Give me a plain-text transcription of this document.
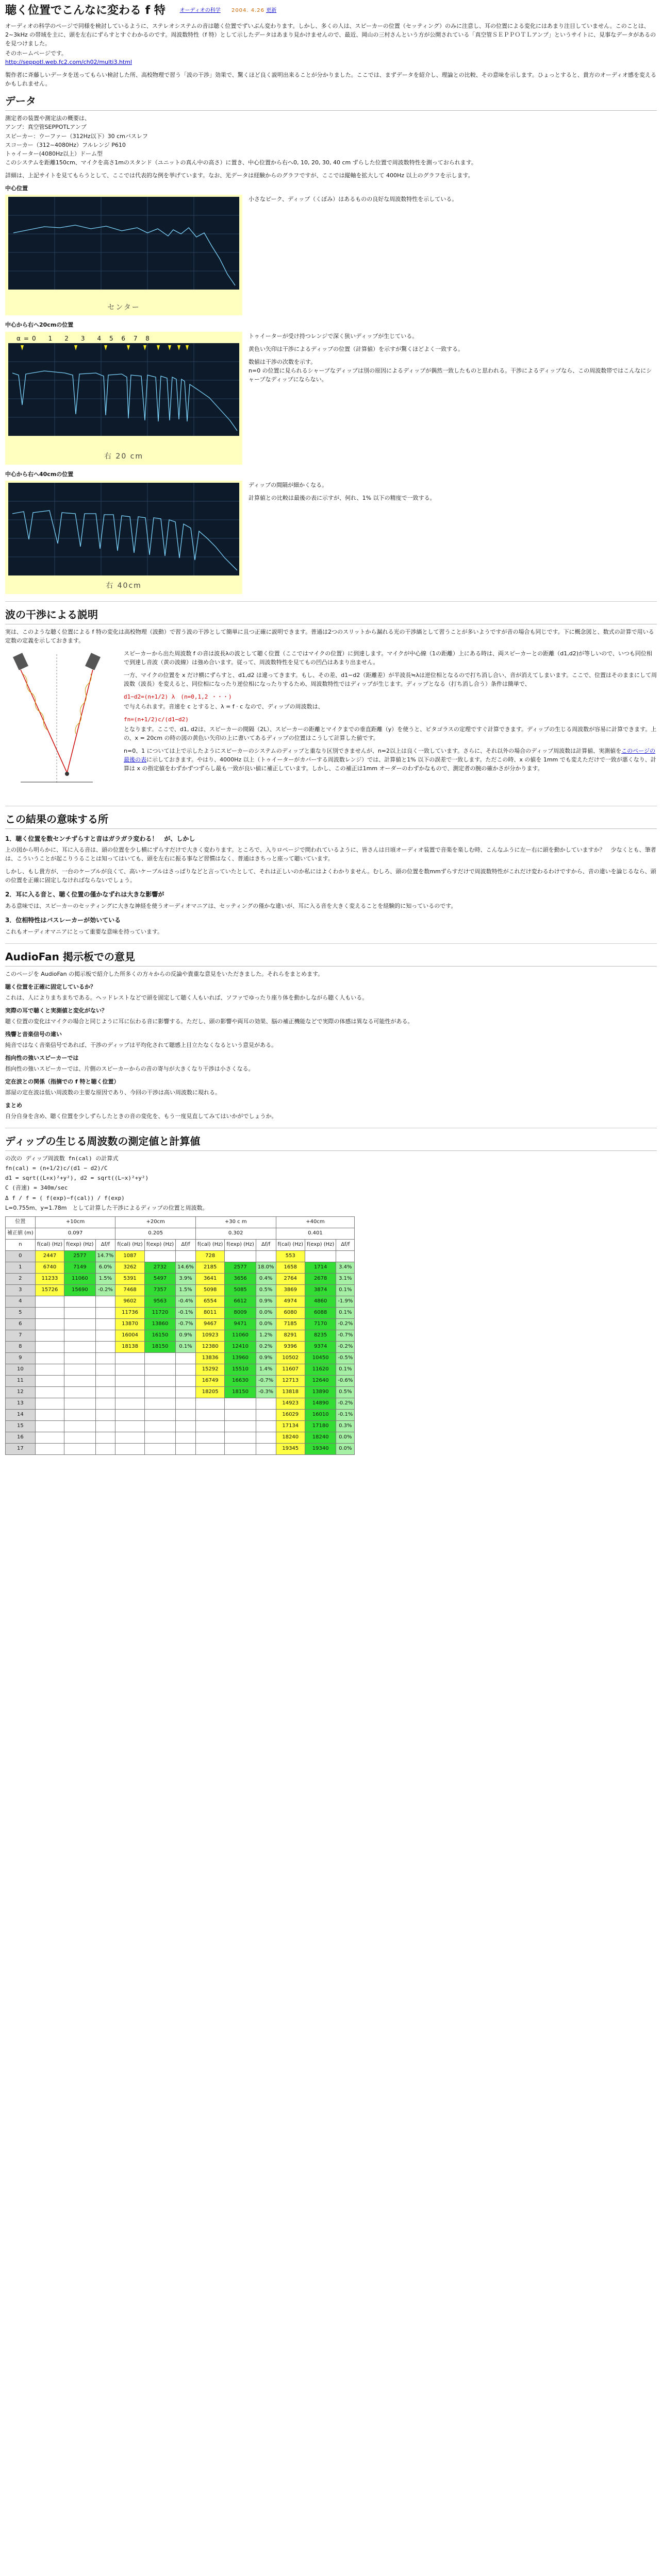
聴く位置でこんなに変わる f 特	オーディオの科学 2004. 4.26 更新

オーディオの科学のページで同様を検討しているように、ステレオシステムの音は聴く位置でずいぶん変わります。しかし、多くの人は、スピーカーの位置（セッティング）のみに注意し、耳の位置による変化にはあまり注目していません。このことは、2~3kHz の帯域を主に、頭を左右にずらすとすぐわかるのです。周波数特性（f 特）として示したデータはあまり見かけませんので、最近、岡山の三村さんという方が公開されている「真空管ＳＥＰＰＯＴＬアンプ」というサイトに、見事なデータがあるのを見つけました。

そのホームページです。
http://seppotl.web.fc2.com/ch02/multi3.html

製作者に斉藤しいデータを送ってもらい検討した所、高校物理で習う「波の干渉」効果で、驚くほど良く説明出来ることが分かりました。ここでは、まずデータを紹介し、理論との比較、その意味を示します。ひょっとすると、貴方のオーディオ感を変えるかもしれません。

データ

測定者の装置や測定法の概要は、
アンプ：真空管SEPPOTLアンプ
スピーカー：ウーファー（312Hz以下）30 cmバスレフ
スコーカー（312~4080Hz）フルレンジ P610
トゥイーター(4080Hz以上）ドーム型
このシステムを距離150cm、マイクを高さ1mのスタンド（ユニットの真ん中の高さ）に置き、中心位置から右へ0, 10, 20, 30, 40 cm ずらした位置で周波数特性を測っておられます。

詳細は、上記サイトを見てもらうとして、ここでは代表的な例を挙げています。なお、光データは経験からのグラフですが、ここでは縦軸を拡大して 400Hz 以上のグラフを示します。

中心位置
センター
小さなピーク、ディップ（くぼみ）はあるものの良好な周波数特性を示している。
中心から右へ20cmの位置
α=0　1　2　3　4 5 6 7 8
右 20 cm

トゥイーターが受け持つレンジで深く狭いディップが生じている。

黄色い矢印は干渉によるディップの位置（計算値）を示すが驚くほどよく一致する。

数値は干渉の次数を示す。

n=0 の位置に見られるシャープなディップは別の原因によるディップが偶然一致したものと思われる。干渉によるディップなら、この周波数帯ではこんなにシャープなディップにならない。

中心から右へ40cmの位置
右 40cm

ディップの間隔が細かくなる。

計算値との比較は最後の表に示すが、何れ、1% 以下の精度で一致する。

波の干渉による説明

実は、このような聴く位置による f 特の変化は高校物理（波動）で習う波の干渉として簡単に且つ正確に説明できます。普通は2つのスリットから漏れる光の干渉縞として習うことが多いようですが音の場合も同じです。下に概念図と、数式の計算で用いる定数の定義を示しておきます。

スピーカーから出た周波数 f の音は波長λの波として聴く位置（ここではマイクの位置）に到達します。マイクが中心線（1の距離）上にある時は、両スピーカーとの距離（d1,d2)が等しいので、いつも同位相で到達し音波（黄の波線）は強め合います。従って、周波数特性を見てもの凹凸はあまり出ません。

一方、マイクの位置を x だけ横にずらすと、d1,d2 は違ってきます。もし、その差、d1−d2（距離差）が半波長≒λは逆位相となるので打ち消し合い、音が消えてしまいます。ここで、位置はそのままにして周波数（波長）を変えると、同位相になったり逆位相になったりするため、周波数特性ではディップが生じます。ディップとなる（打ち消し合う）条件は簡単で、

d1−d2=(n+1/2) λ　(n=0,1,2 ・・・)

で与えられます。音速を c とすると、λ = f · c なので、ディップの周波数は、

fn=(n+1/2)c/(d1−d2)

となります。ここで、d1, d2は、スピーカーの間隔（2L）、スピーカーの距離とマイクまでの垂直距離（y）を使うと、ピタゴラスの定理ですぐ計算できます。ディップの生じる周波数が容易に計算できます。上の、x = 20cm の時の図の黄色い矢印の上に書いてあるディップの位置はこうして計算した値です。

n=0、1 については上で示したようにスピーカーのシステムのディップと重なり区別できませんが、n=2以上は良く一致しています。さらに、それ以外の場合のディップ周波数は計算値、実測値をこのページの最後の表に示しておきます。やはり、4000Hz 以上（トゥイーターがカバーする周波数レンジ）では、計算値と1% 以下の誤差で一致します。ただこの時、x の値を 1mm でも変えただけで一致が悪くなり、計算は x の指定値をわずかずつずらし最も一致が良い値に補正しています。しかし、この補正は1mm オーダーのわずかなもので、測定者の腕の確かさが分かります。

この結果の意味する所
1．聴く位置を数センチずらすと音はガラガラ変わる！　が、しかし

上の図から明らかに、耳に入る音は、頭の位置を少し横にずらすだけで大きく変わります。ところで、入りロページで問われているように、皆さんは日頃オーディオ装置で音楽を楽しむ時、こんなふうに左ー右に頭を動かしていますか？　少なくとも、筆者は、こういうことが起こりうることは知ってはいても、頭を左右に振る事など習慣はなく、普通はきちっと座って聴いています。

しかし、もし貴方が、一台のケーブルが良くて、高いケーブルはさっぱりなどと言っていたとして、それは正しいのか私にはよくわかりません。むしろ、頭の位置を数mmずらすだけで周波数特性がこれだけ変わるわけですから、音の違いを論じるなら、頭の位置を正確に固定しなければならないでしょう。

2．耳に入る音と、聴く位置の僅かなずれは大きな影響が

ある意味では、スピーカーのセッティングに大きな神経を使うオーディオマニアは、セッティングの僅かな違いが、耳に入る音を大きく変えることを経験的に知っているのです。

3．位相特性はバスレーカーが効いている

これもオーディオマニアにとって重要な意味を持っています。

AudioFan 掲示板での意見

このページを AudioFan の掲示板で紹介した所多くの方々からの反論や貴重な意見をいただきました。それらをまとめます。

聴く位置を正確に固定しているか？

これは、人によりまちまちである。ヘッドレストなどで頭を固定して聴く人もいれば、ソファでゆったり座り体を動かしながら聴く人もいる。

実際の耳で聴くと実測値と変化がない？

聴く位置の変化はマイクの場合と同じように耳に伝わる音に影響する。ただし、頭の影響や両耳の効果、脳の補正機能などで実際の体感は異なる可能性がある。

残響と音楽信号の違い

純音ではなく音楽信号であれば、干渉のディップは平均化されて聴感上目立たなくなるという意見がある。

指向性の強いスピーカーでは

指向性の強いスピーカーでは、片側のスピーカーからの音の寄与が大きくなり干渉は小さくなる。

定在波との関係（指摘での f 特と聴く位置）

部屋の定在波は低い周波数の主要な原因であり、今回の干渉は高い周波数に現れる。

まとめ

自分自身を含め、聴く位置を少しずらしたときの音の変化を、もう一度見直してみてはいかがでしょうか。

ディップの生じる周波数の測定値と計算値

の次の ディップ周波数 fn(cal) の計算式

fn(cal) = (n+1/2)c/(d1 − d2)/C

d1 = sqrt((L+x)²+y²), d2 = sqrt((L−x)²+y²)

C (音速) = 340m/sec

Δ f / f = ( f(exp)−f(cal)) / f(exp)

L=0.755m、y=1.78m　として計算した干渉によるディップの位置と周波数。

位置	+10cm			+20cm			+30 c m			+40cm		
補正値 (m)	0.097			0.205			0.302			0.401		
n	f(cal) (Hz)	f(exp) (Hz)	Δf/f	f(cal) (Hz)	f(exp) (Hz)	Δf/f	f(cal) (Hz)	f(exp) (Hz)	Δf/f	f(cal) (Hz)	f(exp) (Hz)	Δf/f
0	2447	2577	14.7%	1087			728			553		
1	6740	7149	6.0%	3262	2732	14.6%	2185	2577	18.0%	1658	1714	3.4%
2	11233	11060	1.5%	5391	5497	3.9%	3641	3656	0.4%	2764	2678	3.1%
3	15726	15690	-0.2%	7468	7357	1.5%	5098	5085	0.5%	3869	3874	0.1%
4				9602	9563	-0.4%	6554	6612	0.9%	4974	4860	-1.9%
5				11736	11720	-0.1%	8011	8009	0.0%	6080	6088	0.1%
6				13870	13860	-0.7%	9467	9471	0.0%	7185	7170	-0.2%
7				16004	16150	0.9%	10923	11060	1.2%	8291	8235	-0.7%
8				18138	18150	0.1%	12380	12410	0.2%	9396	9374	-0.2%
9							13836	13960	0.9%	10502	10450	-0.5%
10							15292	15510	1.4%	11607	11620	0.1%
11							16749	16630	-0.7%	12713	12640	-0.6%
12							18205	18150	-0.3%	13818	13890	0.5%
13										14923	14890	-0.2%
14										16029	16010	-0.1%
15										17134	17180	0.3%
16										18240	18240	0.0%
17										19345	19340	0.0%
